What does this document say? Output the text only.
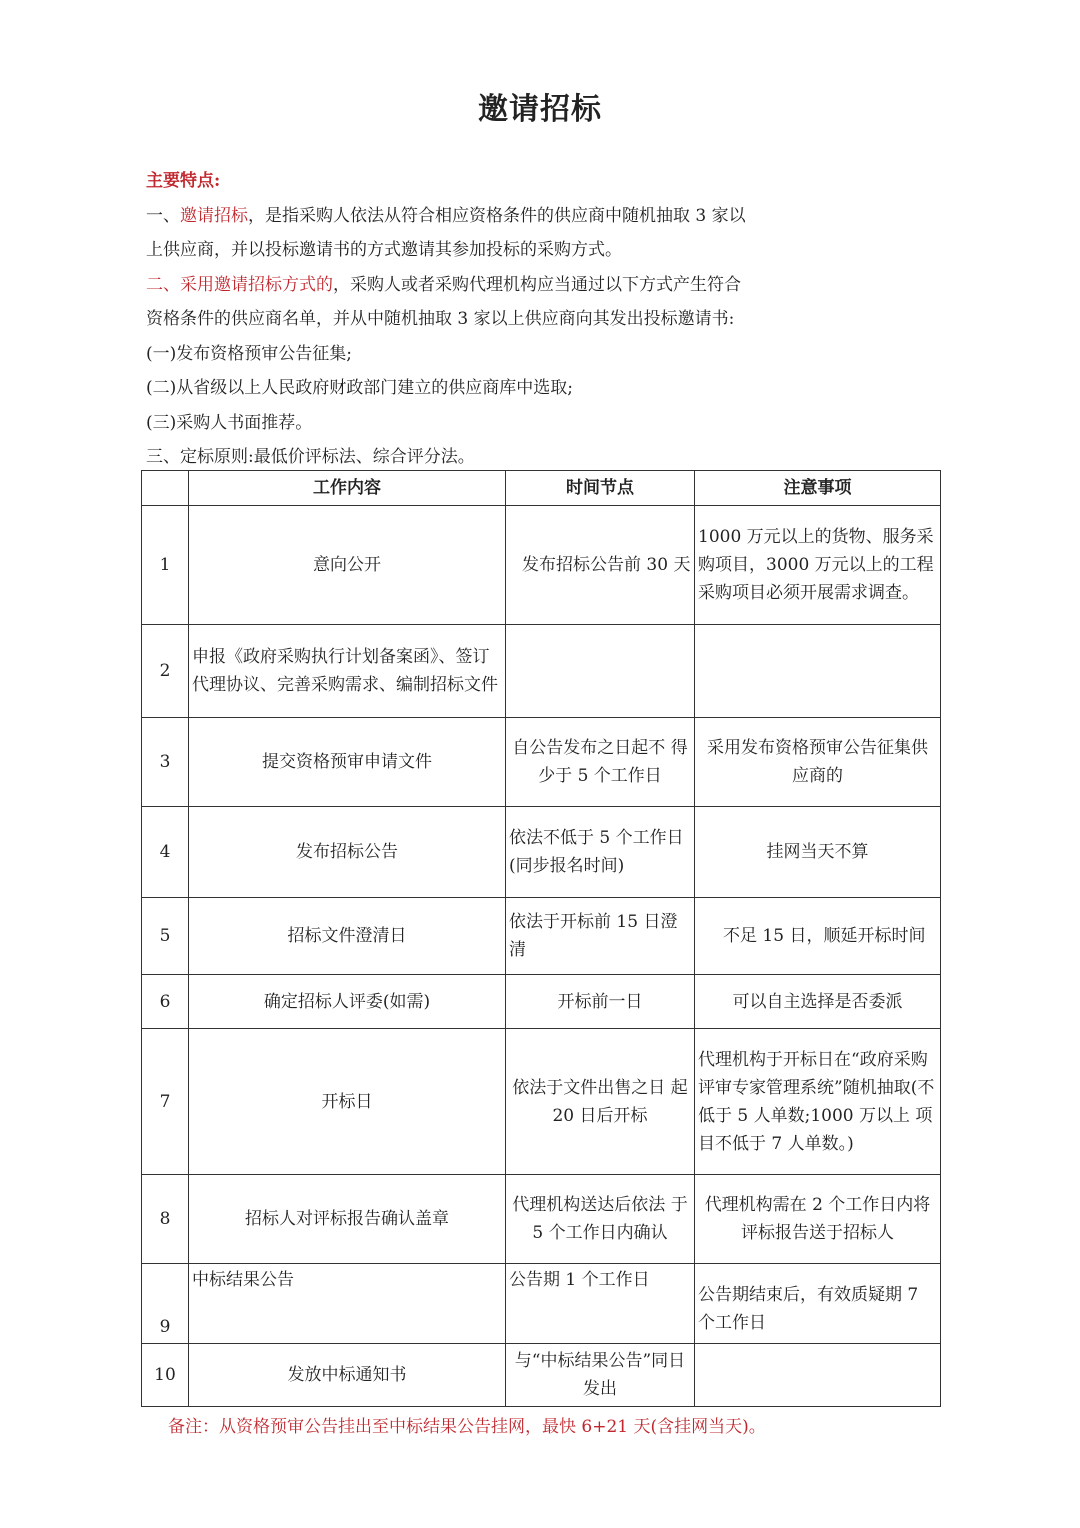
邀请招标
主要特点:
一、邀请招标，是指采购人依法从符合相应资格条件的供应商中随机抽取 3 家以
上供应商，并以投标邀请书的方式邀请其参加投标的采购方式。
二、采用邀请招标方式的，采购人或者采购代理机构应当通过以下方式产生符合
资格条件的供应商名单，并从中随机抽取 3 家以上供应商向其发出投标邀请书:
(一)发布资格预审公告征集;
(二)从省级以上人民政府财政部门建立的供应商库中选取;
(三)采购人书面推荐。
三、定标原则:最低价评标法、综合评分法。
	工作内容	时间节点	注意事项
1	意向公开	发布招标公告前 30 天	1000 万元以上的货物、服务采购项目，3000 万元以上的工程采购项目必须开展需求调查。
2	申报《政府采购执行计划备案函》、签订 代理协议、完善采购需求、编制招标文件		
3	提交资格预审申请文件	自公告发布之日起不 得少于 5 个工作日	采用发布资格预审公告征集供 应商的
4	发布招标公告	依法不低于 5 个工作日(同步报名时间)	挂网当天不算
5	招标文件澄清日	依法于开标前 15 日澄清	不足 15 日，顺延开标时间
6	确定招标人评委(如需)	开标前一日	可以自主选择是否委派
7	开标日	依法于文件出售之日 起20 日后开标	代理机构于开标日在“政府采购 评审专家管理系统”随机抽取(不低于 5 人单数;1000 万以上 项目不低于 7 人单数。)
8	招标人对评标报告确认盖章	代理机构送达后依法 于 5 个工作日内确认	代理机构需在 2 个工作日内将 评标报告送于招标人
9	中标结果公告	公告期 1 个工作日	公告期结束后，有效质疑期 7 个工作日
10	发放中标通知书	与“中标结果公告”同日 发出	
备注：从资格预审公告挂出至中标结果公告挂网，最快 6+21 天(含挂网当天)。
